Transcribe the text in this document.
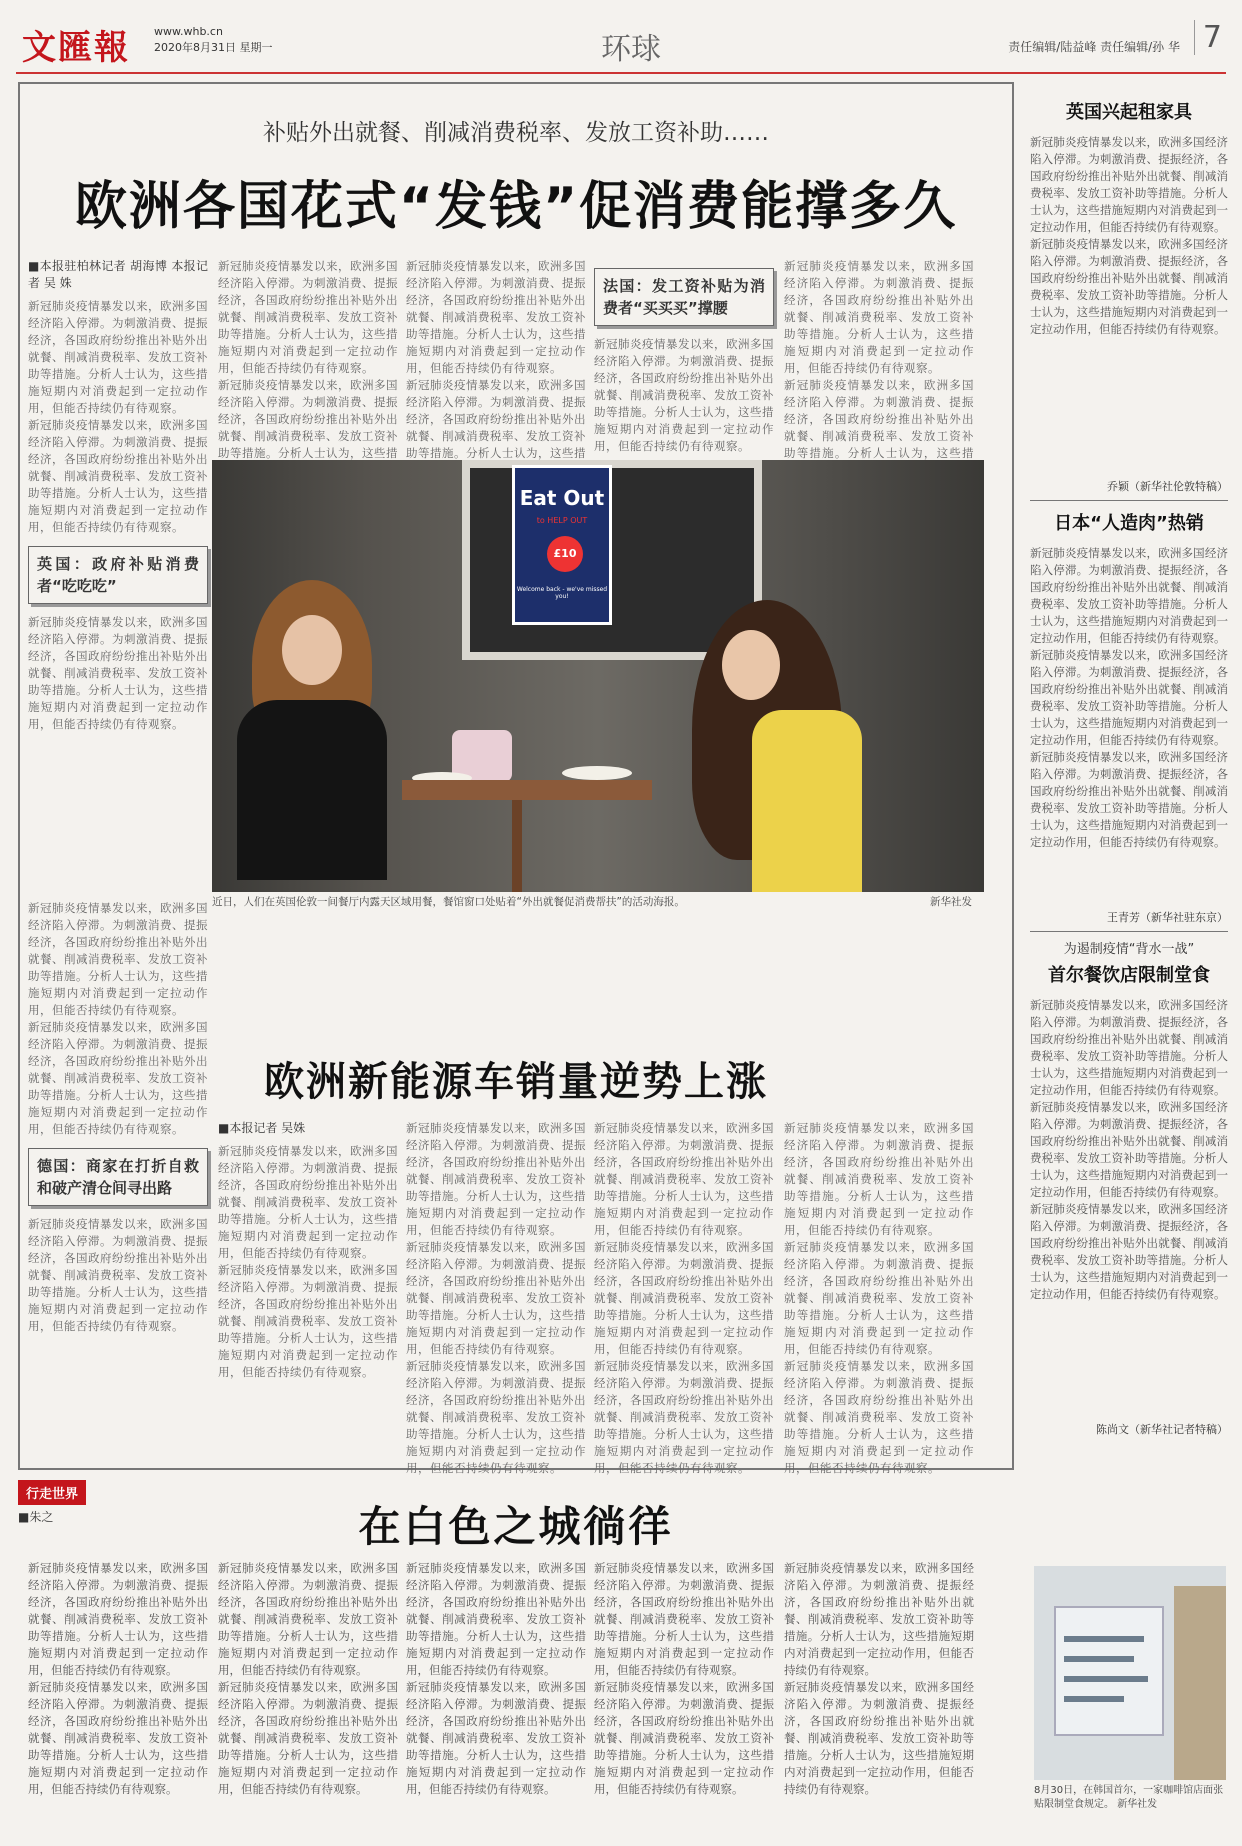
文匯報 www.whb.cn
2020年8月31日 星期一	环球	责任编辑/陆益峰 责任编辑/孙 华 7
补贴外出就餐、削减消费税率、发放工资补助……
欧洲各国花式“发钱”促消费能撑多久
■本报驻柏林记者 胡海博 本报记者 吴 姝
新冠肺炎疫情暴发以来，欧洲多国经济陷入停滞。为刺激消费、提振经济，各国政府纷纷推出补贴外出就餐、削减消费税率、发放工资补助等措施。分析人士认为，这些措施短期内对消费起到一定拉动作用，但能否持续仍有待观察。
新冠肺炎疫情暴发以来，欧洲多国经济陷入停滞。为刺激消费、提振经济，各国政府纷纷推出补贴外出就餐、削减消费税率、发放工资补助等措施。分析人士认为，这些措施短期内对消费起到一定拉动作用，但能否持续仍有待观察。
英国：政府补贴消费者“吃吃吃”
新冠肺炎疫情暴发以来，欧洲多国经济陷入停滞。为刺激消费、提振经济，各国政府纷纷推出补贴外出就餐、削减消费税率、发放工资补助等措施。分析人士认为，这些措施短期内对消费起到一定拉动作用，但能否持续仍有待观察。
新冠肺炎疫情暴发以来，欧洲多国经济陷入停滞。为刺激消费、提振经济，各国政府纷纷推出补贴外出就餐、削减消费税率、发放工资补助等措施。分析人士认为，这些措施短期内对消费起到一定拉动作用，但能否持续仍有待观察。
新冠肺炎疫情暴发以来，欧洲多国经济陷入停滞。为刺激消费、提振经济，各国政府纷纷推出补贴外出就餐、削减消费税率、发放工资补助等措施。分析人士认为，这些措
新冠肺炎疫情暴发以来，欧洲多国经济陷入停滞。为刺激消费、提振经济，各国政府纷纷推出补贴外出就餐、削减消费税率、发放工资补助等措施。分析人士认为，这些措施短期内对消费起到一定拉动作用，但能否持续仍有待观察。
新冠肺炎疫情暴发以来，欧洲多国经济陷入停滞。为刺激消费、提振经济，各国政府纷纷推出补贴外出就餐、削减消费税率、发放工资补助等措施。分析人士认为，这些措
法国：发工资补贴为消费者“买买买”撑腰
新冠肺炎疫情暴发以来，欧洲多国经济陷入停滞。为刺激消费、提振经济，各国政府纷纷推出补贴外出就餐、削减消费税率、发放工资补助等措施。分析人士认为，这些措施短期内对消费起到一定拉动作用，但能否持续仍有待观察。
新冠肺炎疫情暴发以来，欧洲多国经济陷入停滞。为刺激消费、提振经济，各国政府纷纷推出补贴外出就餐、削减消费税率、发放工资补助等措施。分析人士认为，这些措施短期内对消费起到一定拉动作用，但能否持续仍有待观察。
新冠肺炎疫情暴发以来，欧洲多国经济陷入停滞。为刺激消费、提振经济，各国政府纷纷推出补贴外出就餐、削减消费税率、发放工资补助等措施。分析人士认为，这些措
新冠肺炎疫情暴发以来，欧洲多国经济陷入停滞。为刺激消费、提振经济，各国政府纷纷推出补贴外出就餐、削减消费税率、发放工资补助等措施。分析人士认为，这些措施短期内对消费起到一定拉动作用，但能否持续仍有待观察。
新冠肺炎疫情暴发以来，欧洲多国经济陷入停滞。为刺激消费、提振经济，各国政府纷纷推出补贴外出就餐、削减消费税率、发放工资补助等措施。分析人士认为，这些措施短期内对消费起到一定拉动作用，但能否持续仍有待观察。
德国：商家在打折自救和破产清仓间寻出路
新冠肺炎疫情暴发以来，欧洲多国经济陷入停滞。为刺激消费、提振经济，各国政府纷纷推出补贴外出就餐、削减消费税率、发放工资补助等措施。分析人士认为，这些措施短期内对消费起到一定拉动作用，但能否持续仍有待观察。
Eat Out
to HELP OUT
£10
Welcome back - we've missed you!
近日，人们在英国伦敦一间餐厅内露天区域用餐，餐馆窗口处贴着“外出就餐促消费帮扶”的活动海报。	新华社发
欧洲新能源车销量逆势上涨
■本报记者 吴姝
新冠肺炎疫情暴发以来，欧洲多国经济陷入停滞。为刺激消费、提振经济，各国政府纷纷推出补贴外出就餐、削减消费税率、发放工资补助等措施。分析人士认为，这些措施短期内对消费起到一定拉动作用，但能否持续仍有待观察。
新冠肺炎疫情暴发以来，欧洲多国经济陷入停滞。为刺激消费、提振经济，各国政府纷纷推出补贴外出就餐、削减消费税率、发放工资补助等措施。分析人士认为，这些措施短期内对消费起到一定拉动作用，但能否持续仍有待观察。
新冠肺炎疫情暴发以来，欧洲多国经济陷入停滞。为刺激消费、提振经济，各国政府纷纷推出补贴外出就餐、削减消费税率、发放工资补助等措施。分析人士认为，这些措施短期内对消费起到一定拉动作用，但能否持续仍有待观察。
新冠肺炎疫情暴发以来，欧洲多国经济陷入停滞。为刺激消费、提振经济，各国政府纷纷推出补贴外出就餐、削减消费税率、发放工资补助等措施。分析人士认为，这些措施短期内对消费起到一定拉动作用，但能否持续仍有待观察。
新冠肺炎疫情暴发以来，欧洲多国经济陷入停滞。为刺激消费、提振经济，各国政府纷纷推出补贴外出就餐、削减消费税率、发放工资补助等措施。分析人士认为，这些措施短期内对消费起到一定拉动作用，但能否持续仍有待观察。
新冠肺炎疫情暴发以来，欧洲多国经济陷入停滞。为刺激消费、提振经济，各国政府纷纷推出补贴外出就餐、削减消费税率、发放工资补助等措施。分析人士认为，这些措施短期内对消费起到一定拉动作用，但能否持续仍有待观察。
新冠肺炎疫情暴发以来，欧洲多国经济陷入停滞。为刺激消费、提振经济，各国政府纷纷推出补贴外出就餐、削减消费税率、发放工资补助等措施。分析人士认为，这些措施短期内对消费起到一定拉动作用，但能否持续仍有待观察。
新冠肺炎疫情暴发以来，欧洲多国经济陷入停滞。为刺激消费、提振经济，各国政府纷纷推出补贴外出就餐、削减消费税率、发放工资补助等措施。分析人士认为，这些措施短期内对消费起到一定拉动作用，但能否持续仍有待观察。
新冠肺炎疫情暴发以来，欧洲多国经济陷入停滞。为刺激消费、提振经济，各国政府纷纷推出补贴外出就餐、削减消费税率、发放工资补助等措施。分析人士认为，这些措施短期内对消费起到一定拉动作用，但能否持续仍有待观察。
新冠肺炎疫情暴发以来，欧洲多国经济陷入停滞。为刺激消费、提振经济，各国政府纷纷推出补贴外出就餐、削减消费税率、发放工资补助等措施。分析人士认为，这些措施短期内对消费起到一定拉动作用，但能否持续仍有待观察。
新冠肺炎疫情暴发以来，欧洲多国经济陷入停滞。为刺激消费、提振经济，各国政府纷纷推出补贴外出就餐、削减消费税率、发放工资补助等措施。分析人士认为，这些措施短期内对消费起到一定拉动作用，但能否持续仍有待观察。
英国兴起租家具
新冠肺炎疫情暴发以来，欧洲多国经济陷入停滞。为刺激消费、提振经济，各国政府纷纷推出补贴外出就餐、削减消费税率、发放工资补助等措施。分析人士认为，这些措施短期内对消费起到一定拉动作用，但能否持续仍有待观察。
新冠肺炎疫情暴发以来，欧洲多国经济陷入停滞。为刺激消费、提振经济，各国政府纷纷推出补贴外出就餐、削减消费税率、发放工资补助等措施。分析人士认为，这些措施短期内对消费起到一定拉动作用，但能否持续仍有待观察。
乔颖（新华社伦敦特稿）
日本“人造肉”热销
新冠肺炎疫情暴发以来，欧洲多国经济陷入停滞。为刺激消费、提振经济，各国政府纷纷推出补贴外出就餐、削减消费税率、发放工资补助等措施。分析人士认为，这些措施短期内对消费起到一定拉动作用，但能否持续仍有待观察。
新冠肺炎疫情暴发以来，欧洲多国经济陷入停滞。为刺激消费、提振经济，各国政府纷纷推出补贴外出就餐、削减消费税率、发放工资补助等措施。分析人士认为，这些措施短期内对消费起到一定拉动作用，但能否持续仍有待观察。
新冠肺炎疫情暴发以来，欧洲多国经济陷入停滞。为刺激消费、提振经济，各国政府纷纷推出补贴外出就餐、削减消费税率、发放工资补助等措施。分析人士认为，这些措施短期内对消费起到一定拉动作用，但能否持续仍有待观察。
王青芳（新华社驻东京）
为遏制疫情“背水一战”
首尔餐饮店限制堂食
新冠肺炎疫情暴发以来，欧洲多国经济陷入停滞。为刺激消费、提振经济，各国政府纷纷推出补贴外出就餐、削减消费税率、发放工资补助等措施。分析人士认为，这些措施短期内对消费起到一定拉动作用，但能否持续仍有待观察。
新冠肺炎疫情暴发以来，欧洲多国经济陷入停滞。为刺激消费、提振经济，各国政府纷纷推出补贴外出就餐、削减消费税率、发放工资补助等措施。分析人士认为，这些措施短期内对消费起到一定拉动作用，但能否持续仍有待观察。
新冠肺炎疫情暴发以来，欧洲多国经济陷入停滞。为刺激消费、提振经济，各国政府纷纷推出补贴外出就餐、削减消费税率、发放工资补助等措施。分析人士认为，这些措施短期内对消费起到一定拉动作用，但能否持续仍有待观察。
陈尚文（新华社记者特稿）
8月30日，在韩国首尔，一家咖啡馆店面张贴限制堂食规定。 新华社发
行走世界
■朱之	在白色之城徜徉
新冠肺炎疫情暴发以来，欧洲多国经济陷入停滞。为刺激消费、提振经济，各国政府纷纷推出补贴外出就餐、削减消费税率、发放工资补助等措施。分析人士认为，这些措施短期内对消费起到一定拉动作用，但能否持续仍有待观察。
新冠肺炎疫情暴发以来，欧洲多国经济陷入停滞。为刺激消费、提振经济，各国政府纷纷推出补贴外出就餐、削减消费税率、发放工资补助等措施。分析人士认为，这些措施短期内对消费起到一定拉动作用，但能否持续仍有待观察。
新冠肺炎疫情暴发以来，欧洲多国经济陷入停滞。为刺激消费、提振经济，各国政府纷纷推出补贴外出就餐、削减消费税率、发放工资补助等措施。分析人士认为，这些措施短期内对消费起到一定拉动作用，但能否持续仍有待观察。
新冠肺炎疫情暴发以来，欧洲多国经济陷入停滞。为刺激消费、提振经济，各国政府纷纷推出补贴外出就餐、削减消费税率、发放工资补助等措施。分析人士认为，这些措施短期内对消费起到一定拉动作用，但能否持续仍有待观察。
新冠肺炎疫情暴发以来，欧洲多国经济陷入停滞。为刺激消费、提振经济，各国政府纷纷推出补贴外出就餐、削减消费税率、发放工资补助等措施。分析人士认为，这些措施短期内对消费起到一定拉动作用，但能否持续仍有待观察。
新冠肺炎疫情暴发以来，欧洲多国经济陷入停滞。为刺激消费、提振经济，各国政府纷纷推出补贴外出就餐、削减消费税率、发放工资补助等措施。分析人士认为，这些措施短期内对消费起到一定拉动作用，但能否持续仍有待观察。
新冠肺炎疫情暴发以来，欧洲多国经济陷入停滞。为刺激消费、提振经济，各国政府纷纷推出补贴外出就餐、削减消费税率、发放工资补助等措施。分析人士认为，这些措施短期内对消费起到一定拉动作用，但能否持续仍有待观察。
新冠肺炎疫情暴发以来，欧洲多国经济陷入停滞。为刺激消费、提振经济，各国政府纷纷推出补贴外出就餐、削减消费税率、发放工资补助等措施。分析人士认为，这些措施短期内对消费起到一定拉动作用，但能否持续仍有待观察。
新冠肺炎疫情暴发以来，欧洲多国经济陷入停滞。为刺激消费、提振经济，各国政府纷纷推出补贴外出就餐、削减消费税率、发放工资补助等措施。分析人士认为，这些措施短期内对消费起到一定拉动作用，但能否持续仍有待观察。
新冠肺炎疫情暴发以来，欧洲多国经济陷入停滞。为刺激消费、提振经济，各国政府纷纷推出补贴外出就餐、削减消费税率、发放工资补助等措施。分析人士认为，这些措施短期内对消费起到一定拉动作用，但能否持续仍有待观察。
